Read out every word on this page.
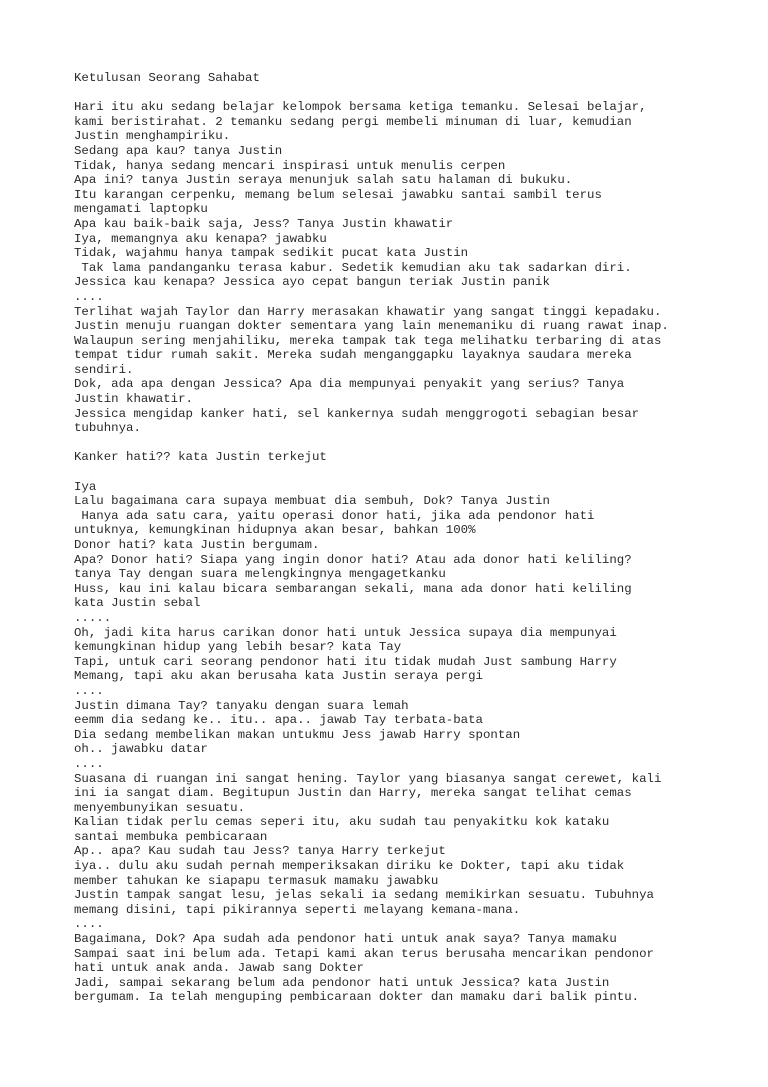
Ketulusan Seorang Sahabat

Hari itu aku sedang belajar kelompok bersama ketiga temanku. Selesai belajar,

kami beristirahat. 2 temanku sedang pergi membeli minuman di luar, kemudian

Justin menghampiriku.

Sedang apa kau? tanya Justin

Tidak, hanya sedang mencari inspirasi untuk menulis cerpen

Apa ini? tanya Justin seraya menunjuk salah satu halaman di bukuku.

Itu karangan cerpenku, memang belum selesai jawabku santai sambil terus

mengamati laptopku

Apa kau baik-baik saja, Jess? Tanya Justin khawatir

Iya, memangnya aku kenapa? jawabku

Tidak, wajahmu hanya tampak sedikit pucat kata Justin

Tak lama pandanganku terasa kabur. Sedetik kemudian aku tak sadarkan diri.

Jessica kau kenapa? Jessica ayo cepat bangun teriak Justin panik

....

Terlihat wajah Taylor dan Harry merasakan khawatir yang sangat tinggi kepadaku.

Justin menuju ruangan dokter sementara yang lain menemaniku di ruang rawat inap.

Walaupun sering menjahiliku, mereka tampak tak tega melihatku terbaring di atas

tempat tidur rumah sakit. Mereka sudah menganggapku layaknya saudara mereka

sendiri.

Dok, ada apa dengan Jessica? Apa dia mempunyai penyakit yang serius? Tanya

Justin khawatir.

Jessica mengidap kanker hati, sel kankernya sudah menggrogoti sebagian besar

tubuhnya.

Kanker hati?? kata Justin terkejut

Iya

Lalu bagaimana cara supaya membuat dia sembuh, Dok? Tanya Justin

Hanya ada satu cara, yaitu operasi donor hati, jika ada pendonor hati

untuknya, kemungkinan hidupnya akan besar, bahkan 100%

Donor hati? kata Justin bergumam.

Apa? Donor hati? Siapa yang ingin donor hati? Atau ada donor hati keliling?

tanya Tay dengan suara melengkingnya mengagetkanku

Huss, kau ini kalau bicara sembarangan sekali, mana ada donor hati keliling

kata Justin sebal

.....

Oh, jadi kita harus carikan donor hati untuk Jessica supaya dia mempunyai

kemungkinan hidup yang lebih besar? kata Tay

Tapi, untuk cari seorang pendonor hati itu tidak mudah Just sambung Harry

Memang, tapi aku akan berusaha kata Justin seraya pergi

....

Justin dimana Tay? tanyaku dengan suara lemah

eemm dia sedang ke.. itu.. apa.. jawab Tay terbata-bata

Dia sedang membelikan makan untukmu Jess jawab Harry spontan

oh.. jawabku datar

....

Suasana di ruangan ini sangat hening. Taylor yang biasanya sangat cerewet, kali

ini ia sangat diam. Begitupun Justin dan Harry, mereka sangat telihat cemas

menyembunyikan sesuatu.

Kalian tidak perlu cemas seperi itu, aku sudah tau penyakitku kok kataku

santai membuka pembicaraan

Ap.. apa? Kau sudah tau Jess? tanya Harry terkejut

iya.. dulu aku sudah pernah memperiksakan diriku ke Dokter, tapi aku tidak

member tahukan ke siapapu termasuk mamaku jawabku

Justin tampak sangat lesu, jelas sekali ia sedang memikirkan sesuatu. Tubuhnya

memang disini, tapi pikirannya seperti melayang kemana-mana.

....

Bagaimana, Dok? Apa sudah ada pendonor hati untuk anak saya? Tanya mamaku

Sampai saat ini belum ada. Tetapi kami akan terus berusaha mencarikan pendonor

hati untuk anak anda. Jawab sang Dokter

Jadi, sampai sekarang belum ada pendonor hati untuk Jessica? kata Justin

bergumam. Ia telah menguping pembicaraan dokter dan mamaku dari balik pintu.
